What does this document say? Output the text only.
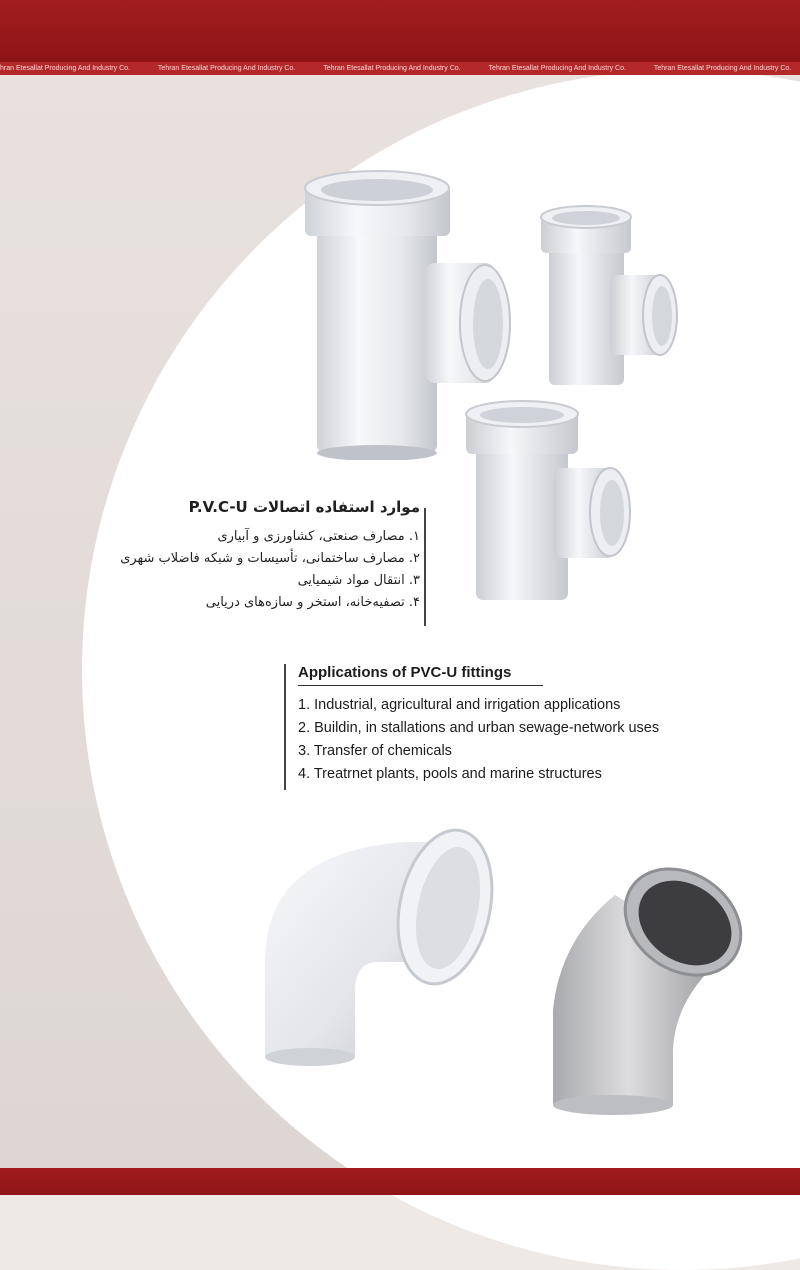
hran Etesallat Producing And Industry Co.	Tehran Etesallat Producing And Industry Co.	Tehran Etesallat Producing And Industry Co.	Tehran Etesallat Producing And Industry Co.	Tehran Etesallat Producing And Industry Co.
موارد استفاده اتصالات P.V.C-U
۱. مصارف صنعتی، کشاورزی و آبیاری
۲. مصارف ساختمانی، تأسیسات و شبکه فاضلاب شهری
۳. انتقال مواد شیمیایی
۴. تصفیه‌خانه، استخر و سازه‌های دریایی
Applications of PVC-U fittings
1. Industrial, agricultural and irrigation applications
2. Buildin, in stallations and urban sewage-network uses
3. Transfer of chemicals
4. Treatrnet plants, pools and marine structures
